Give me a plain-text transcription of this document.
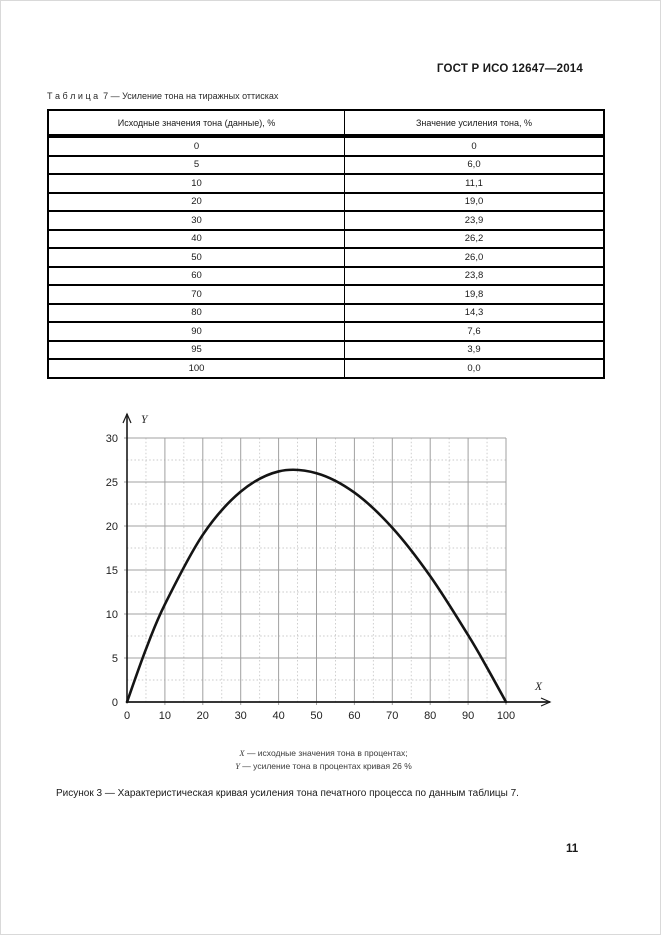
ГОСТ Р ИСО 12647—2014
Т а б л и ц а  7 — Усиление тона на тиражных оттисках
Исходные значения тона (данные), %	Значение усиления тона, %
0	0
5	6,0
10	11,1
20	19,0
30	23,9
40	26,2
50	26,0
60	23,8
70	19,8
80	14,3
90	7,6
95	3,9
100	0,0
0	10 20 30 40 50 60 70 80 90 100
0
5
10
15
20
25
30
X
Y
X — исходные значения тона в процентах;
Y — усиление тона в процентах кривая 26 %
Рисунок 3 — Характеристическая кривая усиления тона печатного процесса по данным таблицы 7.
11
